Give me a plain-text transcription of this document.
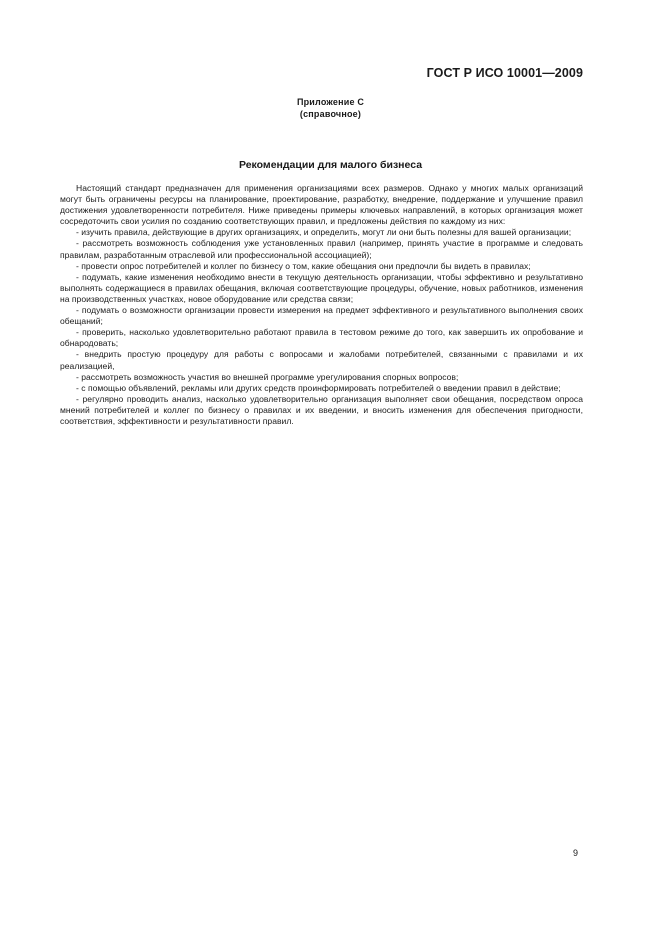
ГОСТ Р ИСО 10001—2009
Приложение С
(справочное)
Рекомендации для малого бизнеса

Настоящий стандарт предназначен для применения организациями всех размеров. Однако у многих малых организаций могут быть ограничены ресурсы на планирование, проектирование, разработку, внедрение, поддержание и улучшение правил достижения удовлетворенности потребителя. Ниже приведены примеры ключевых направлений, в которых организация может сосредоточить свои усилия по созданию соответствующих правил, и предложены действия по каждому из них:

- изучить правила, действующие в других организациях, и определить, могут ли они быть полезны для вашей организации;

- рассмотреть возможность соблюдения уже установленных правил (например, принять участие в программе и следовать правилам, разработанным отраслевой или профессиональной ассоциацией);

- провести опрос потребителей и коллег по бизнесу о том, какие обещания они предпочли бы видеть в правилах;

- подумать, какие изменения необходимо внести в текущую деятельность организации, чтобы эффективно и результативно выполнять содержащиеся в правилах обещания, включая соответствующие процедуры, обучение, новых работников, изменения на производственных участках, новое оборудование или средства связи;

- подумать о возможности организации провести измерения на предмет эффективного и результативного выполнения своих обещаний;

- проверить, насколько удовлетворительно работают правила в тестовом режиме до того, как завершить их опробование и обнародовать;

- внедрить простую процедуру для работы с вопросами и жалобами потребителей, связанными с правилами и их реализацией,

- рассмотреть возможность участия во внешней программе урегулирования спорных вопросов;

- с помощью объявлений, рекламы или других средств проинформировать потребителей о введении правил в действие;

- регулярно проводить анализ, насколько удовлетворительно организация выполняет свои обещания, посредством опроса мнений потребителей и коллег по бизнесу о правилах и их введении, и вносить изменения для обеспечения пригодности, соответствия, эффективности и результативности правил.

9
